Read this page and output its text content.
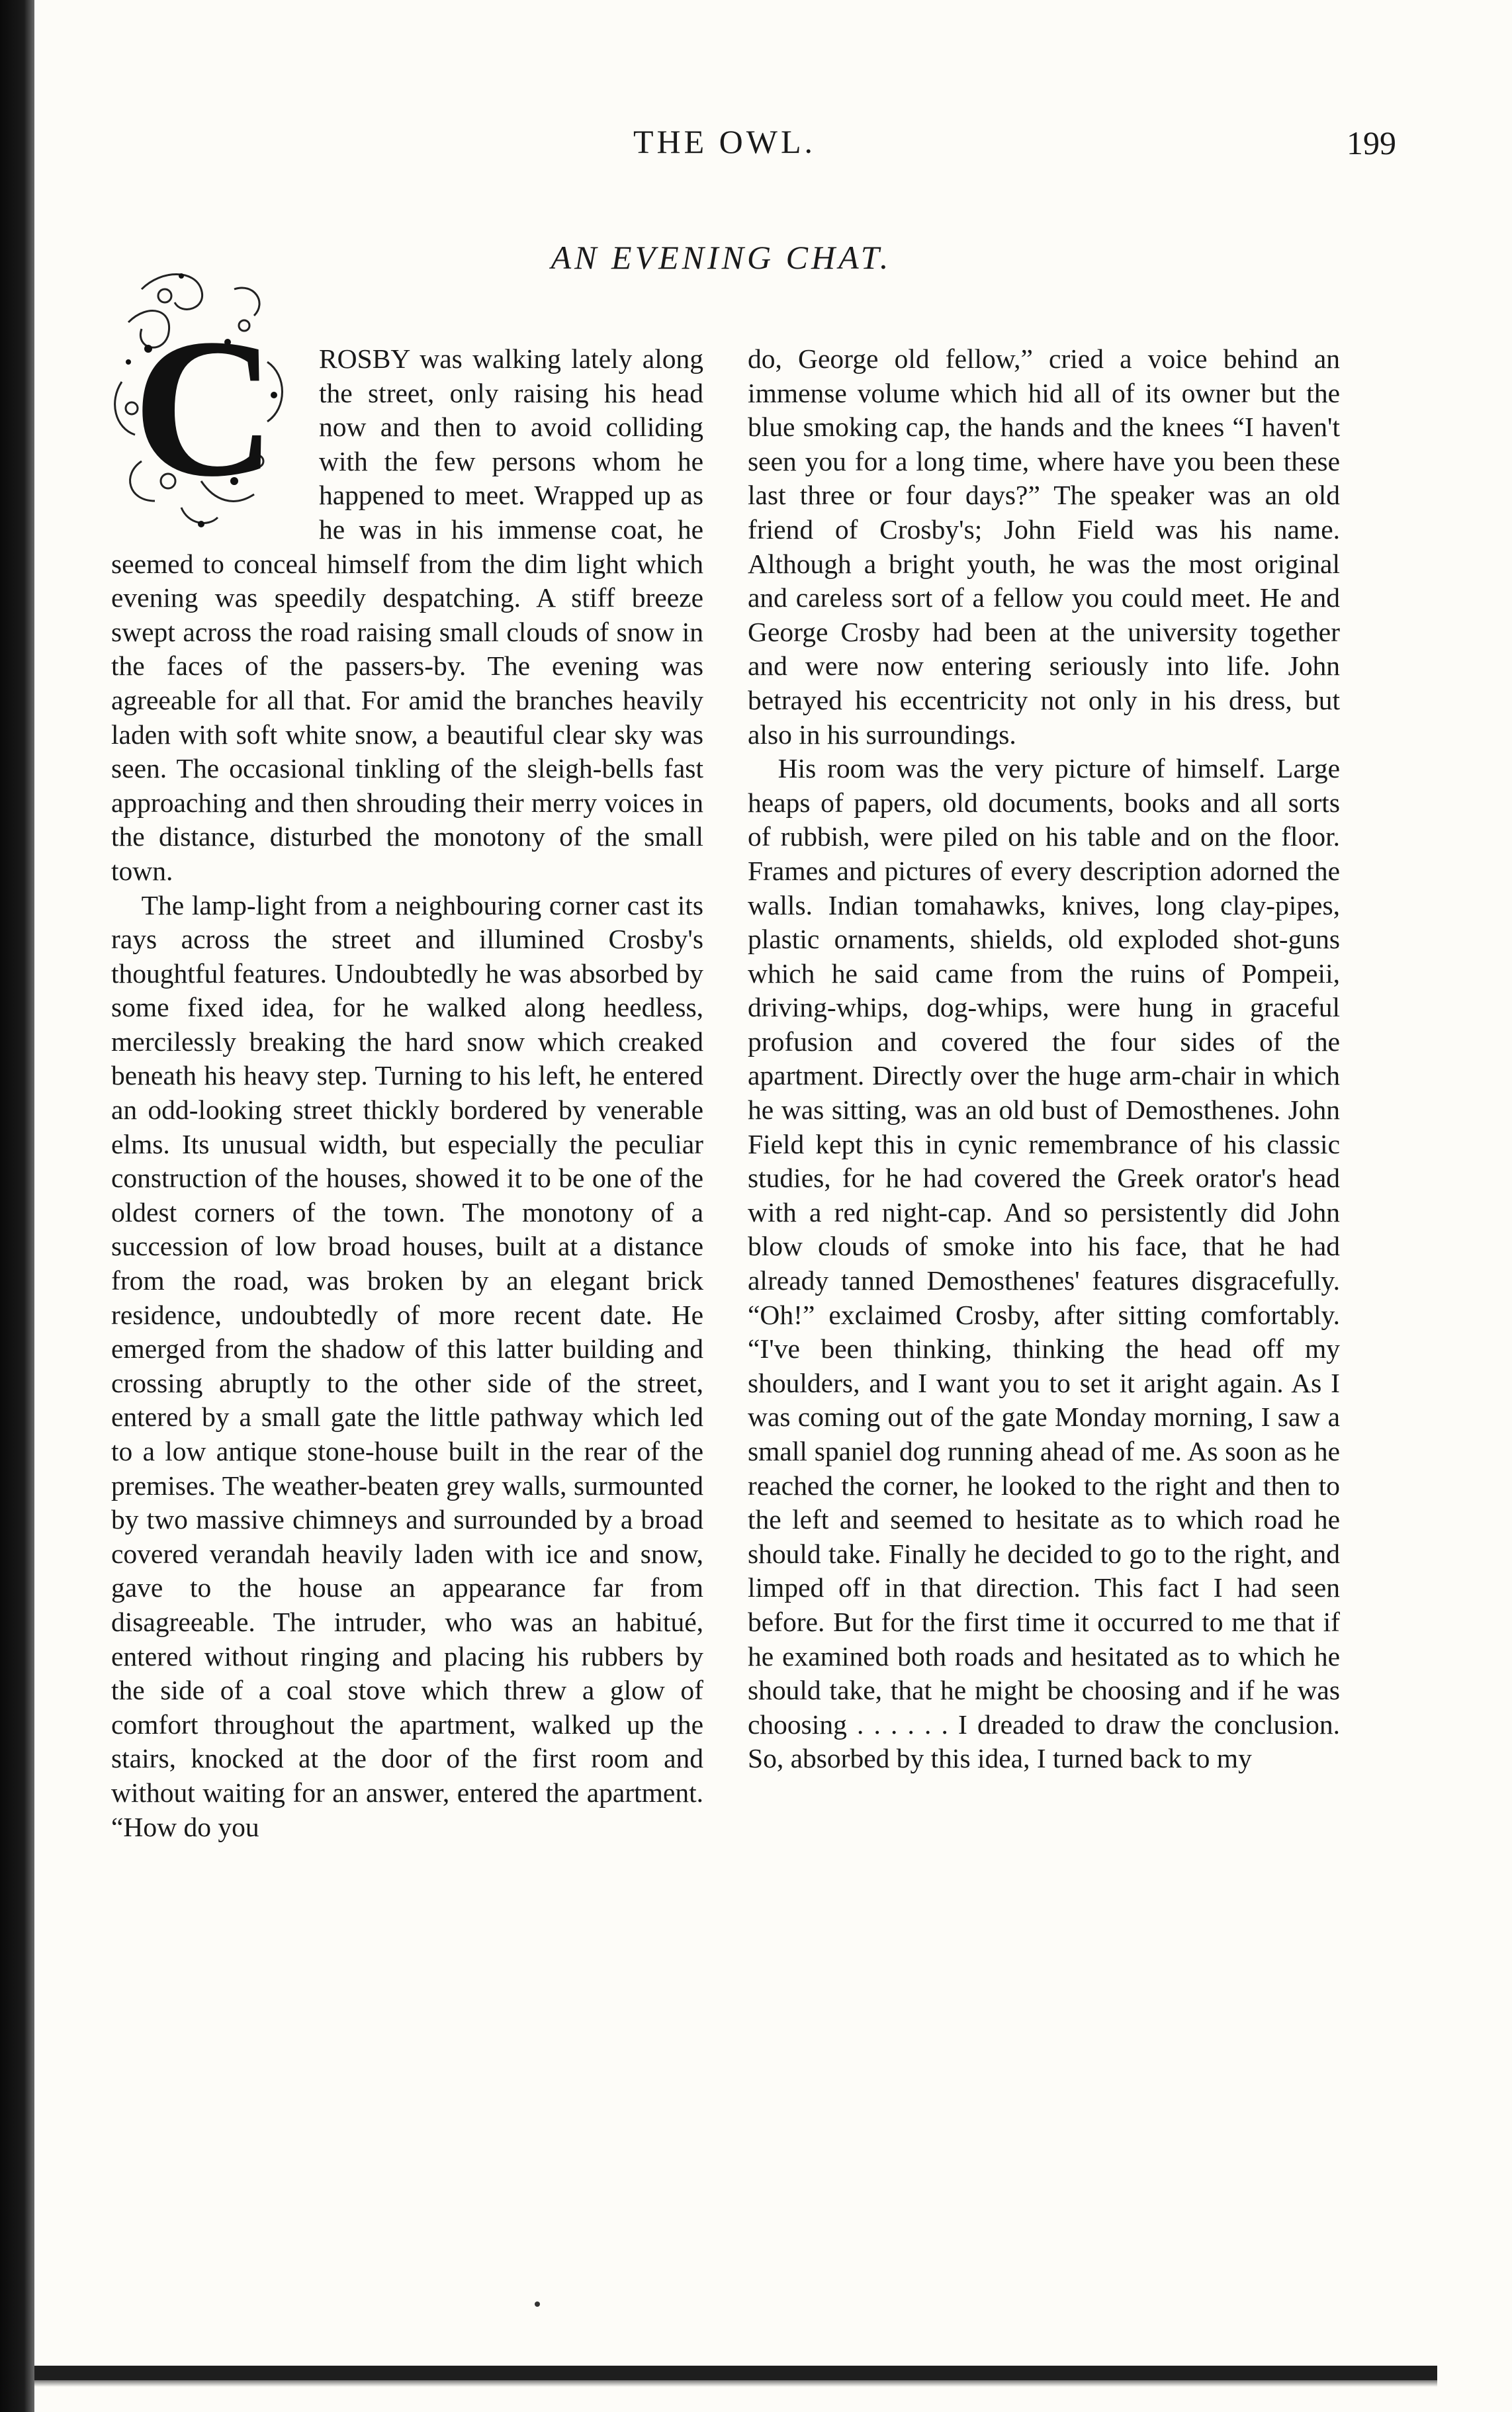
THE OWL.	199
AN EVENING CHAT.
C	ROSBY was walking lately along the street, only raising his head now and then to avoid colliding with the few persons whom he happened to meet. Wrapped up as he was in his immense coat, he seemed to conceal himself from the dim light which evening was speedily despatching. A stiff breeze swept across the road raising small clouds of snow in the faces of the passers-by. The evening was agreeable for all that. For amid the branches heavily laden with soft white snow, a beautiful clear sky was seen. The occasional tinkling of the sleigh-bells fast approaching and then shrouding their merry voices in the distance, disturbed the monotony of the small town.

The lamp-light from a neighbouring corner cast its rays across the street and illumined Crosby's thoughtful features. Undoubtedly he was absorbed by some fixed idea, for he walked along heedless, mercilessly breaking the hard snow which creaked beneath his heavy step. Turning to his left, he entered an odd-looking street thickly bordered by venerable elms. Its unusual width, but especially the peculiar construction of the houses, showed it to be one of the oldest corners of the town. The monotony of a succession of low broad houses, built at a distance from the road, was broken by an elegant brick residence, undoubtedly of more recent date. He emerged from the shadow of this latter building and crossing abruptly to the other side of the street, entered by a small gate the little pathway which led to a low antique stone-house built in the rear of the premises. The weather-beaten grey walls, surmounted by two massive chimneys and surrounded by a broad covered verandah heavily laden with ice and snow, gave to the house an appearance far from disagreeable. The intruder, who was an habitué, entered without ringing and placing his rubbers by the side of a coal stove which threw a glow of comfort throughout the apartment, walked up the stairs, knocked at the door of the first room and without waiting for an answer, entered the apartment. “How do you

do, George old fellow,” cried a voice behind an immense volume which hid all of its owner but the blue smoking cap, the hands and the knees “I haven't seen you for a long time, where have you been these last three or four days?” The speaker was an old friend of Crosby's; John Field was his name. Although a bright youth, he was the most original and careless sort of a fellow you could meet. He and George Crosby had been at the university together and were now entering seriously into life. John betrayed his eccentricity not only in his dress, but also in his surroundings.

His room was the very picture of himself. Large heaps of papers, old documents, books and all sorts of rubbish, were piled on his table and on the floor. Frames and pictures of every description adorned the walls. Indian tomahawks, knives, long clay-pipes, plastic ornaments, shields, old exploded shot-guns which he said came from the ruins of Pompeii, driving-whips, dog-whips, were hung in graceful profusion and covered the four sides of the apartment. Directly over the huge arm-chair in which he was sitting, was an old bust of Demosthenes. John Field kept this in cynic remembrance of his classic studies, for he had covered the Greek orator's head with a red night-cap. And so persistently did John blow clouds of smoke into his face, that he had already tanned Demosthenes' features disgracefully. “Oh!” exclaimed Crosby, after sitting comfortably. “I've been thinking, thinking the head off my shoulders, and I want you to set it aright again. As I was coming out of the gate Monday morning, I saw a small spaniel dog running ahead of me. As soon as he reached the corner, he looked to the right and then to the left and seemed to hesitate as to which road he should take. Finally he decided to go to the right, and limped off in that direction. This fact I had seen before. But for the first time it occurred to me that if he examined both roads and hesitated as to which he should take, that he might be choosing and if he was choosing . . . . . . I dreaded to draw the conclusion. So, absorbed by this idea, I turned back to my
